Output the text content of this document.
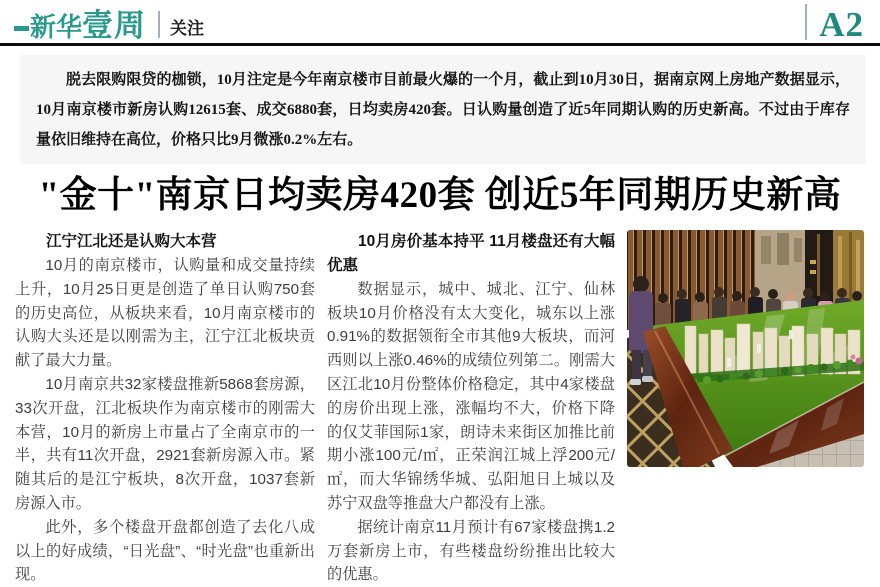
新华 壹周 关注	A2

脱去限购限贷的枷锁，10月注定是今年南京楼市目前最火爆的一个月，截止到10月30日，据南京网上房地产数据显示，10月南京楼市新房认购12615套、成交6880套，日均卖房420套。日认购量创造了近5年同期认购的历史新高。不过由于库存量依旧维持在高位，价格只比9月微涨0.2%左右。

"金十"南京日均卖房420套 创近5年同期历史新高
江宁江北还是认购大本营

10月的南京楼市，认购量和成交量持续上升，10月25日更是创造了单日认购750套的历史高位，从板块来看，10月南京楼市的认购大头还是以刚需为主，江宁江北板块贡献了最大力量。

10月南京共32家楼盘推新5868套房源，33次开盘，江北板块作为南京楼市的刚需大本营，10月的新房上市量占了全南京市的一半，共有11次开盘，2921套新房源入市。紧随其后的是江宁板块，8次开盘，1037套新房源入市。

此外，多个楼盘开盘都创造了去化八成以上的好成绩，“日光盘”、“时光盘”也重新出现。

10月房价基本持平 11月楼盘还有大幅优惠

数据显示，城中、城北、江宁、仙林板块10月价格没有太大变化，城东以上涨0.91%的数据领衔全市其他9大板块，而河西则以上涨0.46%的成绩位列第二。刚需大区江北10月份整体价格稳定，其中4家楼盘的房价出现上涨，涨幅均不大，价格下降的仅艾菲国际1家，朗诗未来街区加推比前期小涨100元/㎡，正荣润江城上浮200元/㎡，而大华锦绣华城、弘阳旭日上城以及苏宁双盘等推盘大户都没有上涨。

据统计南京11月预计有67家楼盘携1.2万套新房上市，有些楼盘纷纷推出比较大的优惠。
